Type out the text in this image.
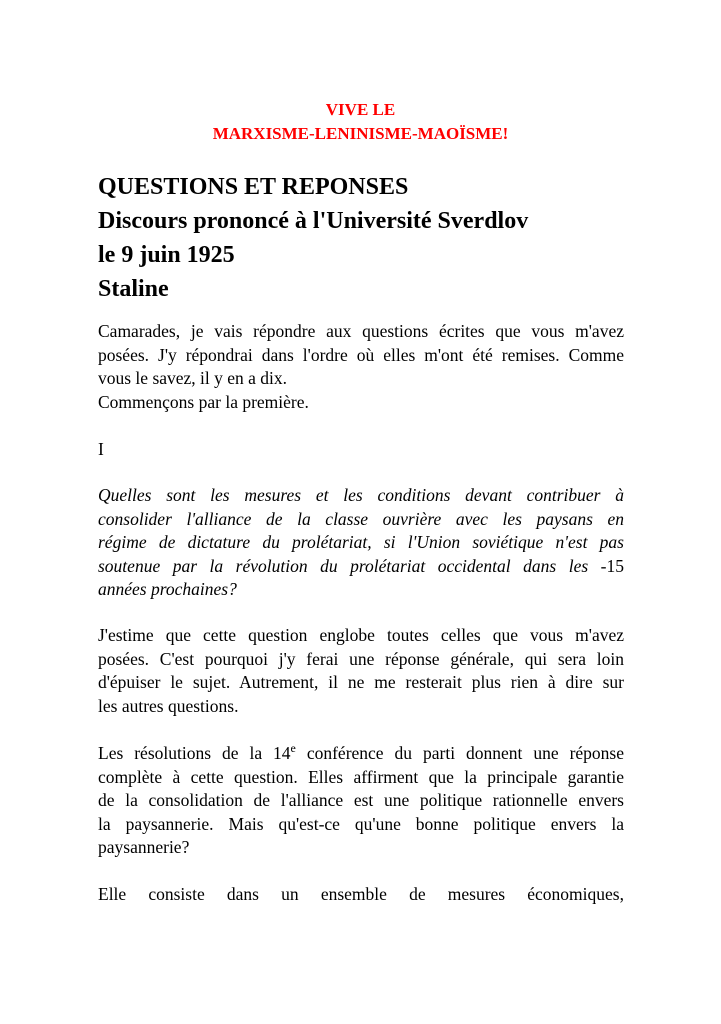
VIVE LE
MARXISME-LENINISME-MAOÏSME!
QUESTIONS ET REPONSES
Discours prononcé à l'Université Sverdlov
le 9 juin 1925
Staline
Camarades, je vais répondre aux questions écrites que vous m'avez
posées. J'y répondrai dans l'ordre où elles m'ont été remises. Comme
vous le savez, il y en a dix.
Commençons par la première.
I
Quelles sont les mesures et les conditions devant contribuer à
consolider l'alliance de la classe ouvrière avec les paysans en
régime de dictature du prolétariat, si l'Union soviétique n'est pas
soutenue par la révolution du prolétariat occidental dans les -15
années prochaines?
J'estime que cette question englobe toutes celles que vous m'avez
posées. C'est pourquoi j'y ferai une réponse générale, qui sera loin
d'épuiser le sujet. Autrement, il ne me resterait plus rien à dire sur
les autres questions.
Les résolutions de la 14e conférence du parti donnent une réponse
complète à cette question. Elles affirment que la principale garantie
de la consolidation de l'alliance est une politique rationnelle envers
la paysannerie. Mais qu'est-ce qu'une bonne politique envers la
paysannerie?
Elle consiste dans un ensemble de mesures économiques,
